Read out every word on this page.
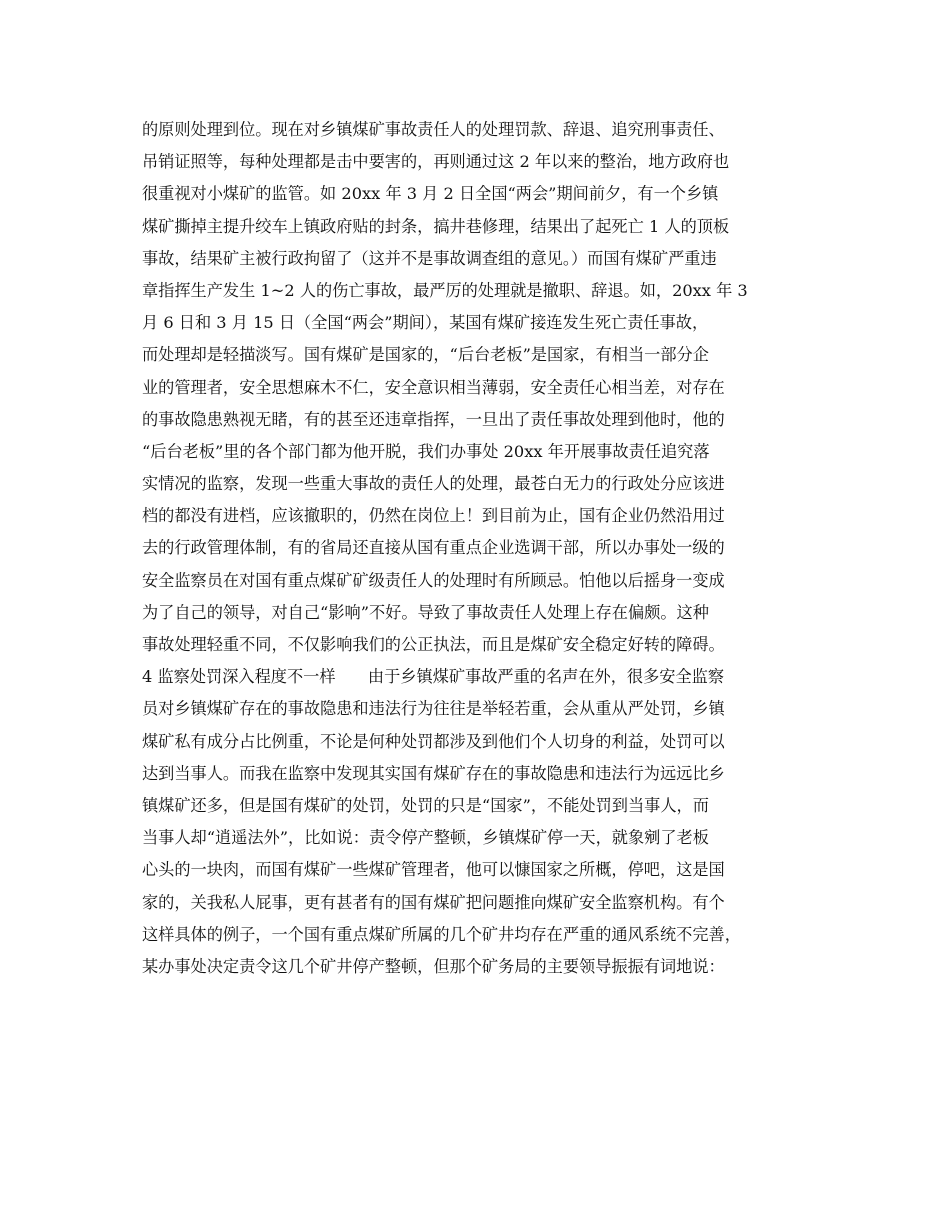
的原则处理到位。现在对乡镇煤矿事故责任人的处理罚款、辞退、追究刑事责任、
吊销证照等，每种处理都是击中要害的，再则通过这 2 年以来的整治，地方政府也
很重视对小煤矿的监管。如 20xx 年 3 月 2 日全国“两会”期间前夕，有一个乡镇
煤矿撕掉主提升绞车上镇政府贴的封条，搞井巷修理，结果出了起死亡 1 人的顶板
事故，结果矿主被行政拘留了（这并不是事故调查组的意见。）而国有煤矿严重违
章指挥生产发生 1~2 人的伤亡事故，最严厉的处理就是撤职、辞退。如，20xx 年 3
月 6 日和 3 月 15 日（全国“两会”期间），某国有煤矿接连发生死亡责任事故，
而处理却是轻描淡写。国有煤矿是国家的，“后台老板”是国家，有相当一部分企
业的管理者，安全思想麻木不仁，安全意识相当薄弱，安全责任心相当差，对存在
的事故隐患熟视无睹，有的甚至还违章指挥，一旦出了责任事故处理到他时，他的
“后台老板”里的各个部门都为他开脱，我们办事处 20xx 年开展事故责任追究落
实情况的监察，发现一些重大事故的责任人的处理，最苍白无力的行政处分应该进
档的都没有进档，应该撤职的，仍然在岗位上！到目前为止，国有企业仍然沿用过
去的行政管理体制，有的省局还直接从国有重点企业选调干部，所以办事处一级的
安全监察员在对国有重点煤矿矿级责任人的处理时有所顾忌。怕他以后摇身一变成
为了自己的领导，对自己“影响”不好。导致了事故责任人处理上存在偏颇。这种
事故处理轻重不同，不仅影响我们的公正执法，而且是煤矿安全稳定好转的障碍。
4 监察处罚深入程度不一样　　由于乡镇煤矿事故严重的名声在外，很多安全监察
员对乡镇煤矿存在的事故隐患和违法行为往往是举轻若重，会从重从严处罚，乡镇
煤矿私有成分占比例重，不论是何种处罚都涉及到他们个人切身的利益，处罚可以
达到当事人。而我在监察中发现其实国有煤矿存在的事故隐患和违法行为远远比乡
镇煤矿还多，但是国有煤矿的处罚，处罚的只是“国家”，不能处罚到当事人，而
当事人却“逍遥法外”，比如说：责令停产整顿，乡镇煤矿停一天，就象剜了老板
心头的一块肉，而国有煤矿一些煤矿管理者，他可以慷国家之所概，停吧，这是国
家的，关我私人屁事，更有甚者有的国有煤矿把问题推向煤矿安全监察机构。有个
这样具体的例子，一个国有重点煤矿所属的几个矿井均存在严重的通风系统不完善，
某办事处决定责令这几个矿井停产整顿，但那个矿务局的主要领导振振有词地说：
